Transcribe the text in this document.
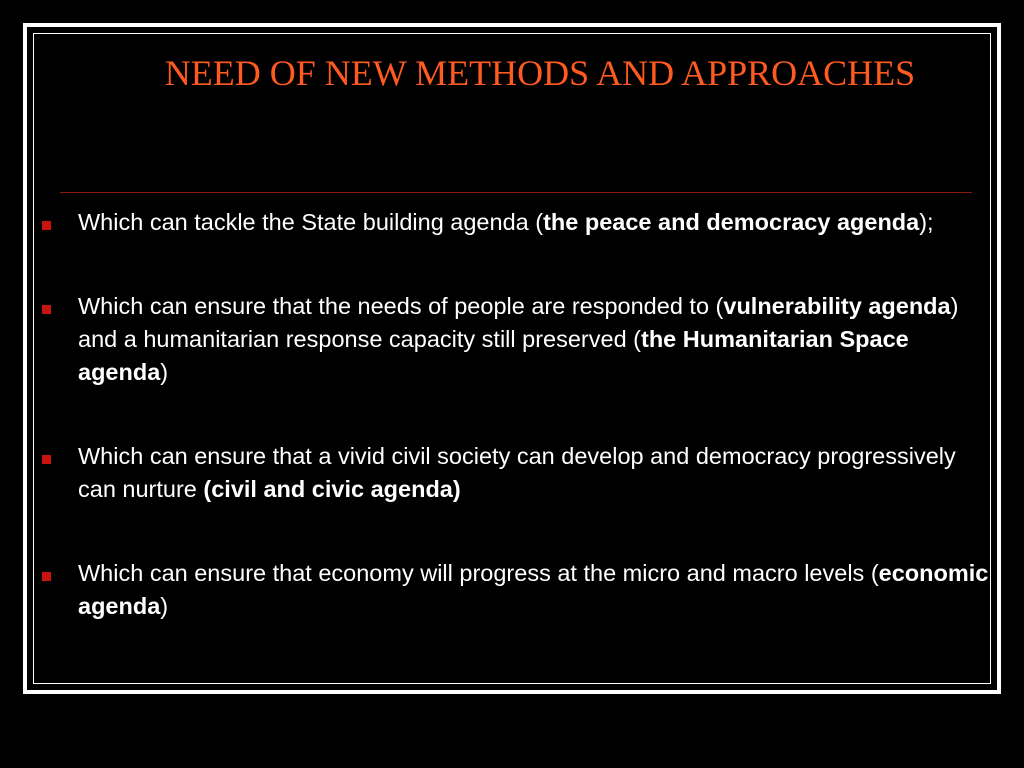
NEED OF NEW METHODS AND APPROACHES
Which can tackle the State building agenda (the peace and democracy agenda);
Which can ensure that the needs of people are responded to (vulnerability agenda) and a humanitarian response capacity still preserved (the Humanitarian Space agenda)
Which can ensure that a vivid civil society can develop and democracy progressively can nurture (civil and civic agenda)
Which can ensure that economy will progress at the micro and macro levels (economic agenda)
